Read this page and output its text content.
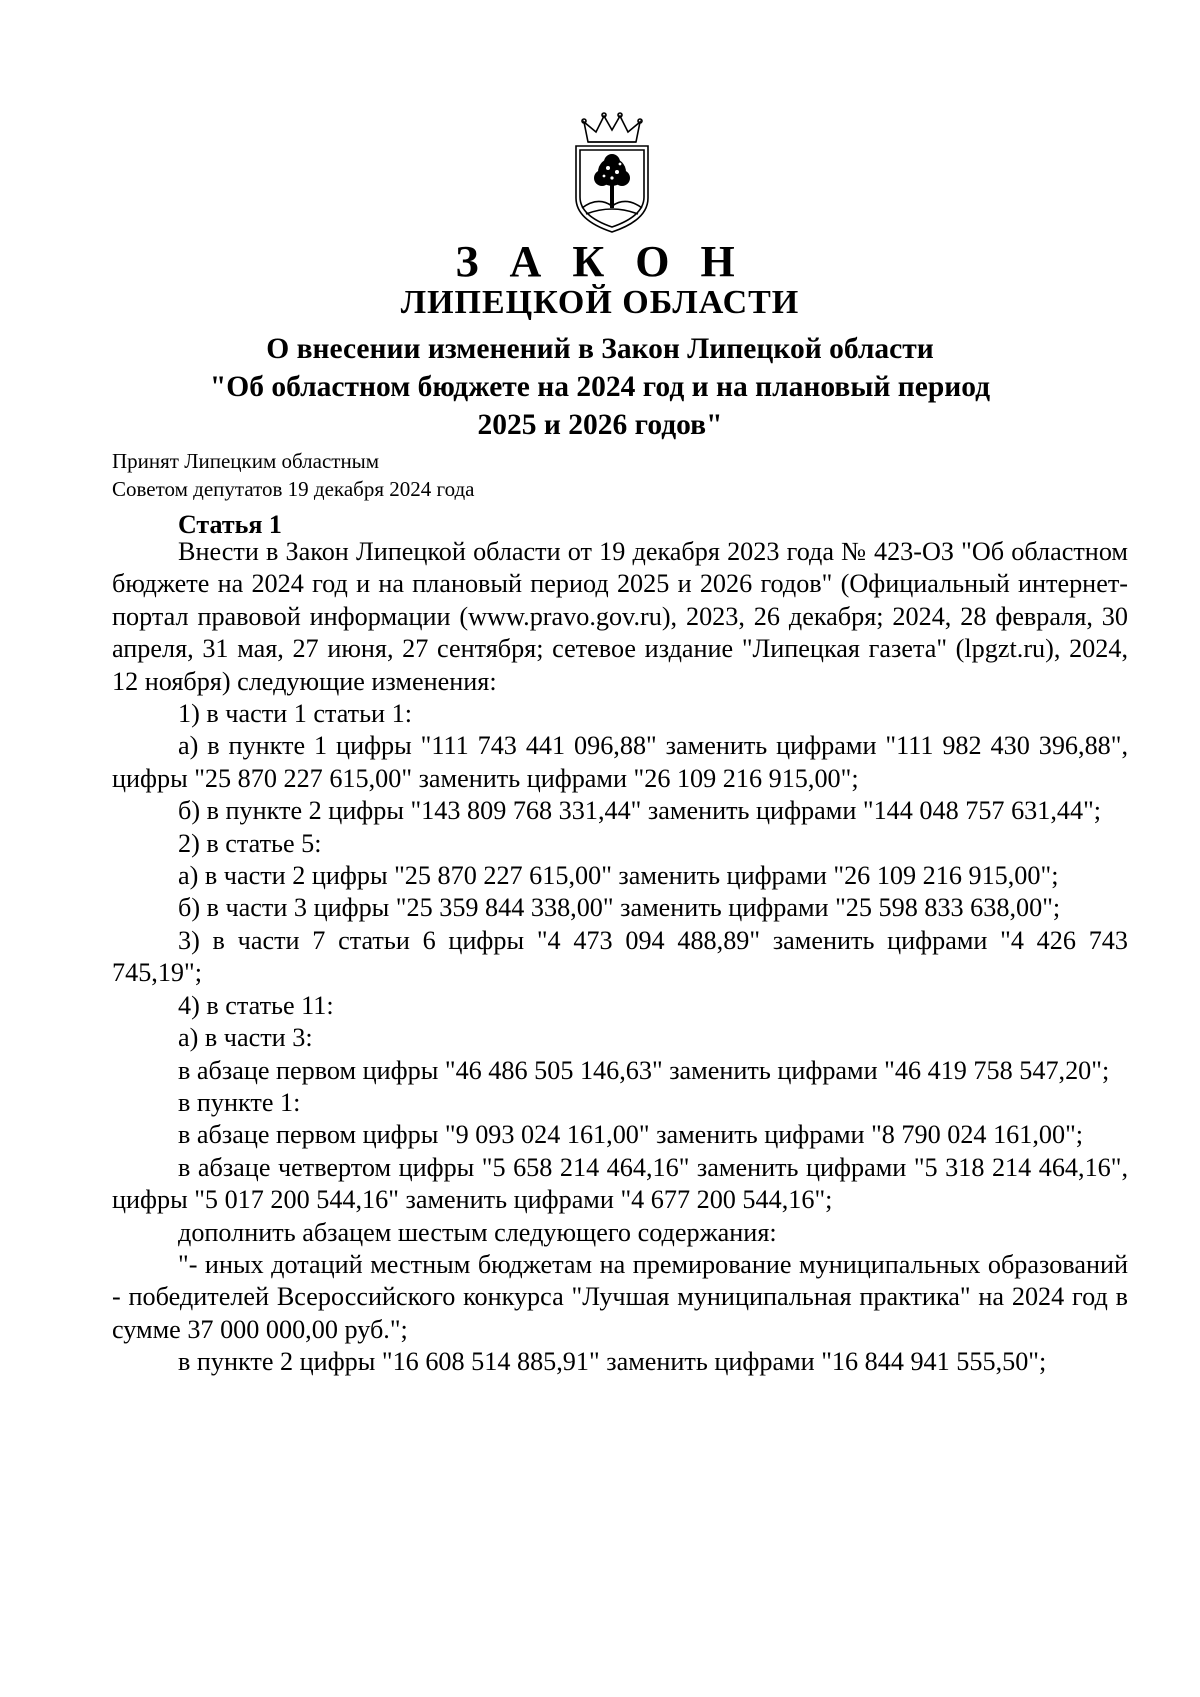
З А К О Н
ЛИПЕЦКОЙ ОБЛАСТИ
О внесении изменений в Закон Липецкой области
"Об областном бюджете на 2024 год и на плановый период
2025 и 2026 годов"
Принят Липецким областным
Советом депутатов 19 декабря 2024 года
Статья 1

Внести в Закон Липецкой области от 19 декабря 2023 года № 423-ОЗ "Об областном бюджете на 2024 год и на плановый период 2025 и 2026 годов" (Официальный интернет-портал правовой информации (www.pravo.gov.ru), 2023, 26 декабря; 2024, 28 февраля, 30 апреля, 31 мая, 27 июня, 27 сентября; сетевое издание "Липецкая газета" (lpgzt.ru), 2024, 12 ноября) следующие изменения:

1) в части 1 статьи 1:

а) в пункте 1 цифры "111 743 441 096,88" заменить цифрами "111 982 430 396,88", цифры "25 870 227 615,00" заменить цифрами "26 109 216 915,00";

б) в пункте 2 цифры "143 809 768 331,44" заменить цифрами "144 048 757 631,44";

2) в статье 5:

а) в части 2 цифры "25 870 227 615,00" заменить цифрами "26 109 216 915,00";

б) в части 3 цифры "25 359 844 338,00" заменить цифрами "25 598 833 638,00";

3) в части 7 статьи 6 цифры "4 473 094 488,89" заменить цифрами "4 426 743 745,19";

4) в статье 11:

а) в части 3:

в абзаце первом цифры "46 486 505 146,63" заменить цифрами "46 419 758 547,20";

в пункте 1:

в абзаце первом цифры "9 093 024 161,00" заменить цифрами "8 790 024 161,00";

в абзаце четвертом цифры "5 658 214 464,16" заменить цифрами "5 318 214 464,16", цифры "5 017 200 544,16" заменить цифрами "4 677 200 544,16";

дополнить абзацем шестым следующего содержания:

"- иных дотаций местным бюджетам на премирование муниципальных образований - победителей Всероссийского конкурса "Лучшая муниципальная практика" на 2024 год в сумме 37 000 000,00 руб.";

в пункте 2 цифры "16 608 514 885,91" заменить цифрами "16 844 941 555,50";
